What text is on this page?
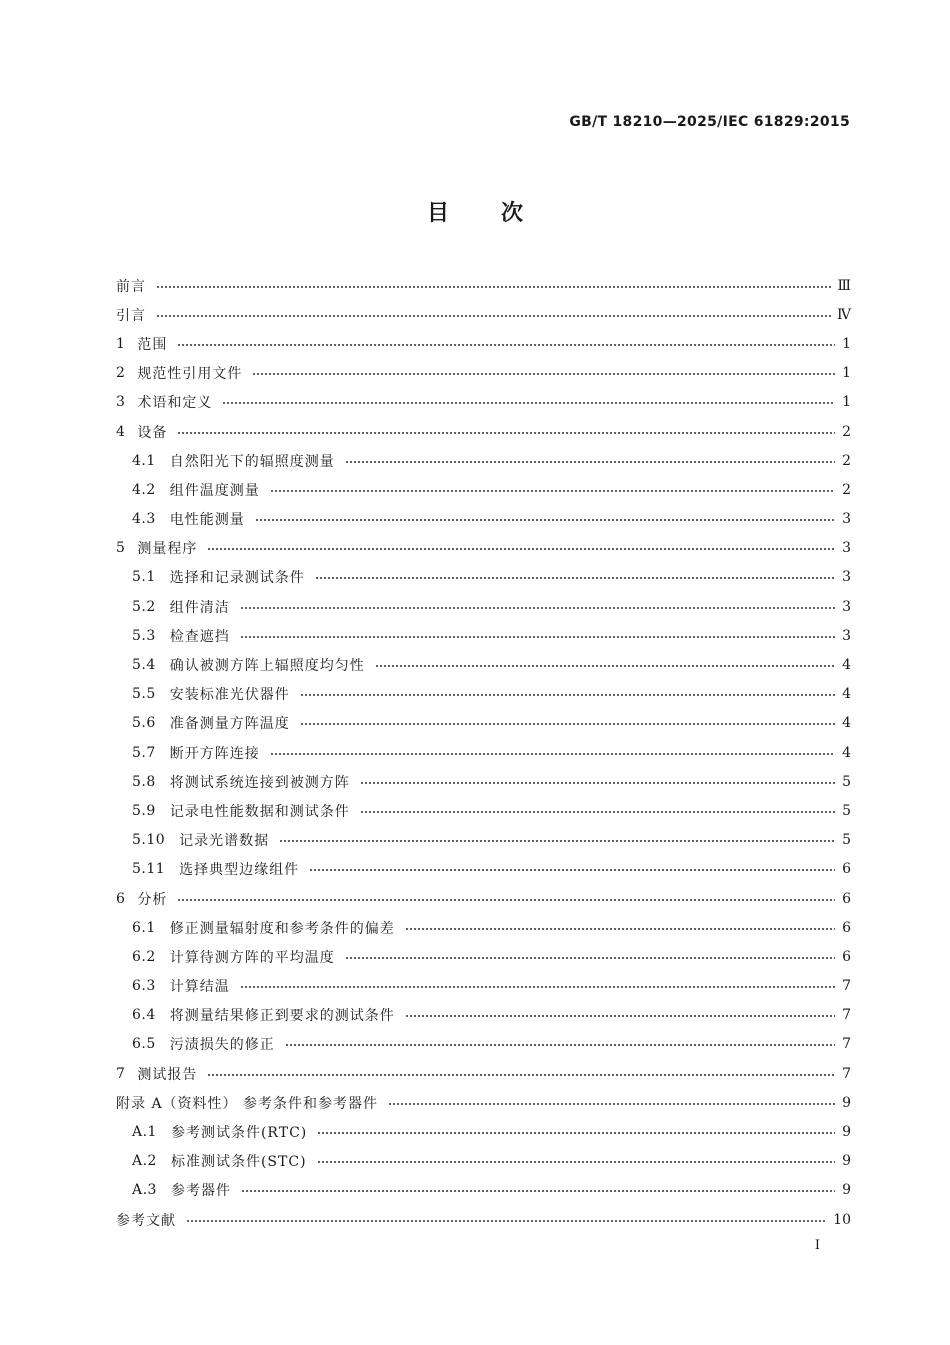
GB/T 18210—2025/IEC 61829:2015
目次
前言	Ⅲ
引言	Ⅳ
1 范围	1
2 规范性引用文件	1
3 术语和定义	1
4 设备	2
4.1 自然阳光下的辐照度测量	2
4.2 组件温度测量	2
4.3 电性能测量	3
5 测量程序	3
5.1 选择和记录测试条件	3
5.2 组件清洁	3
5.3 检查遮挡	3
5.4 确认被测方阵上辐照度均匀性	4
5.5 安装标准光伏器件	4
5.6 准备测量方阵温度	4
5.7 断开方阵连接	4
5.8 将测试系统连接到被测方阵	5
5.9 记录电性能数据和测试条件	5
5.10 记录光谱数据	5
5.11 选择典型边缘组件	6
6 分析	6
6.1 修正测量辐射度和参考条件的偏差	6
6.2 计算待测方阵的平均温度	6
6.3 计算结温	7
6.4 将测量结果修正到要求的测试条件	7
6.5 污渍损失的修正	7
7 测试报告	7
附录 A（资料性） 参考条件和参考器件	9
A.1 参考测试条件(RTC)	9
A.2 标准测试条件(STC)	9
A.3 参考器件	9
参考文献	10
Ⅰ
